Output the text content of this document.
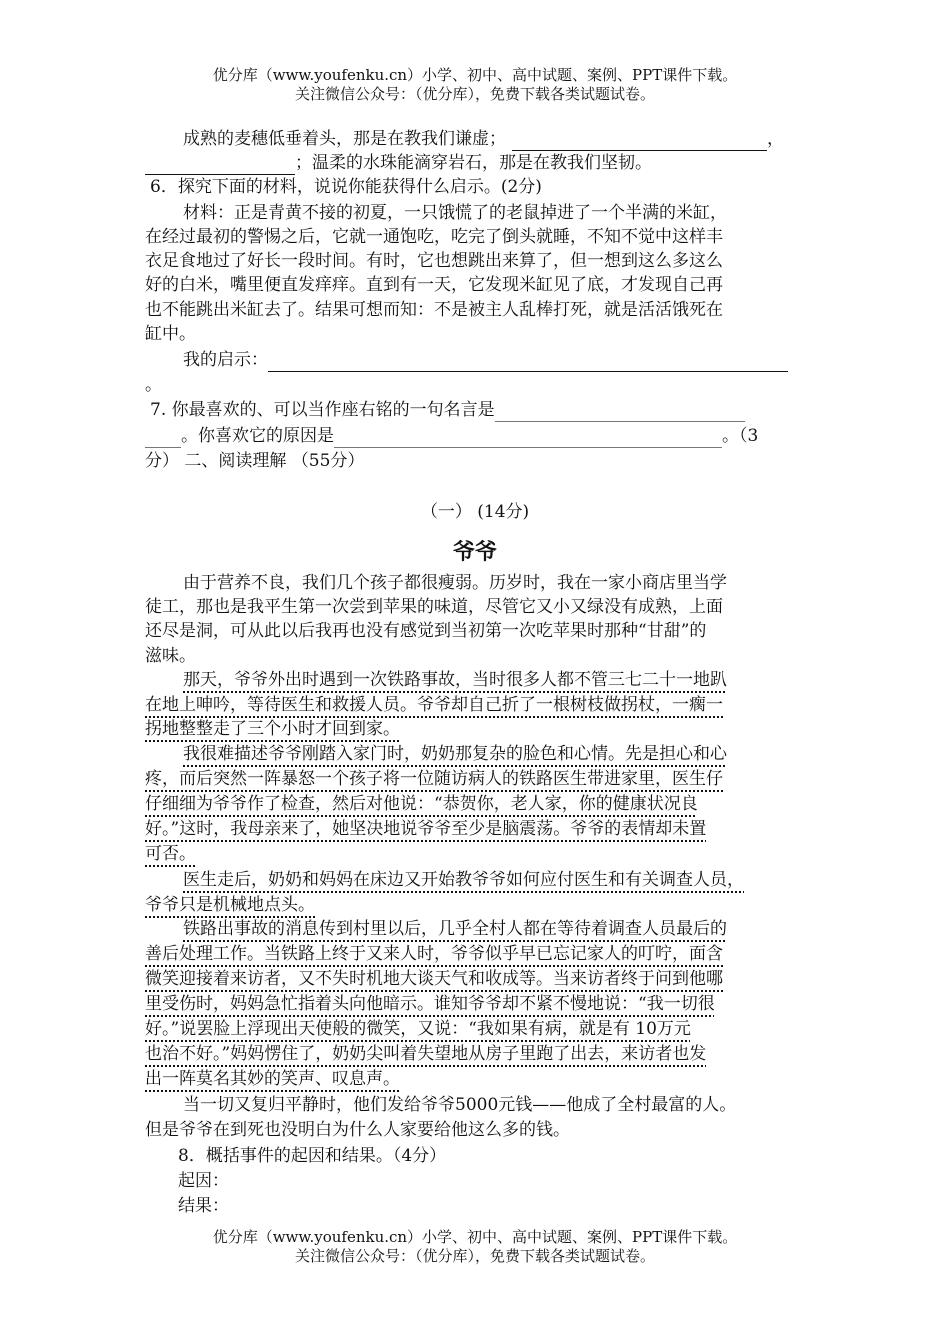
优分库（www.youfenku.cn）小学、初中、高中试题、案例、PPT课件下载。
关注微信公众号：（优分库），免费下载各类试题试卷。
成熟的麦穗低垂着头，那是在教我们谦虚；	，
；温柔的水珠能滴穿岩石，那是在教我们坚韧。
6．探究下面的材料，说说你能获得什么启示。(2分)
材料：正是青黄不接的初夏，一只饿慌了的老鼠掉进了一个半满的米缸，
在经过最初的警惕之后，它就一通饱吃，吃完了倒头就睡，不知不觉中这样丰
衣足食地过了好长一段时间。有时，它也想跳出来算了，但一想到这么多这么
好的白米，嘴里便直发痒痒。直到有一天，它发现米缸见了底，才发现自己再
也不能跳出米缸去了。结果可想而知：不是被主人乱棒打死，就是活活饿死在
缸中。
我的启示：
。
7. 你最喜欢的、可以当作座右铭的一句名言是
。你喜欢它的原因是	。（3
分） 二、阅读理解 （55分）
（一） (14分)
爷爷
由于营养不良，我们几个孩子都很瘦弱。历岁时，我在一家小商店里当学
徒工，那也是我平生第一次尝到苹果的味道，尽管它又小又绿没有成熟，上面
还尽是洞，可从此以后我再也没有感觉到当初第一次吃苹果时那种“甘甜”的
滋味。
那天，爷爷外出时遇到一次铁路事故，当时很多人都不管三七二十一地趴
在地上呻吟，等待医生和救援人员。爷爷却自己折了一根树枝做拐杖，一瘸一
拐地整整走了三个小时才回到家。
我很难描述爷爷刚踏入家门时，奶奶那复杂的脸色和心情。先是担心和心
疼，而后突然一阵暴怒一个孩子将一位随访病人的铁路医生带进家里，医生仔
仔细细为爷爷作了检查，然后对他说：“恭贺你，老人家，你的健康状况良
好。”这时，我母亲来了，她坚决地说爷爷至少是脑震荡。爷爷的表情却未置
可否。
医生走后，奶奶和妈妈在床边又开始教爷爷如何应付医生和有关调查人员，
爷爷只是机械地点头。
铁路出事故的消息传到村里以后，几乎全村人都在等待着调查人员最后的
善后处理工作。当铁路上终于又来人时，爷爷似乎早已忘记家人的叮咛，面含
微笑迎接着来访者，又不失时机地大谈天气和收成等。当来访者终于问到他哪
里受伤时，妈妈急忙指着头向他暗示。谁知爷爷却不紧不慢地说：“我一切很
好。”说罢脸上浮现出天使般的微笑，又说：“我如果有病，就是有 10万元
也治不好。”妈妈愣住了，奶奶尖叫着失望地从房子里跑了出去，来访者也发
出一阵莫名其妙的笑声、叹息声。
当一切又复归平静时，他们发给爷爷5000元钱——他成了全村最富的人。
但是爷爷在到死也没明白为什么人家要给他这么多的钱。
8．概括事件的起因和结果。（4分）
起因：
结果：
优分库（www.youfenku.cn）小学、初中、高中试题、案例、PPT课件下载。
关注微信公众号：（优分库），免费下载各类试题试卷。
